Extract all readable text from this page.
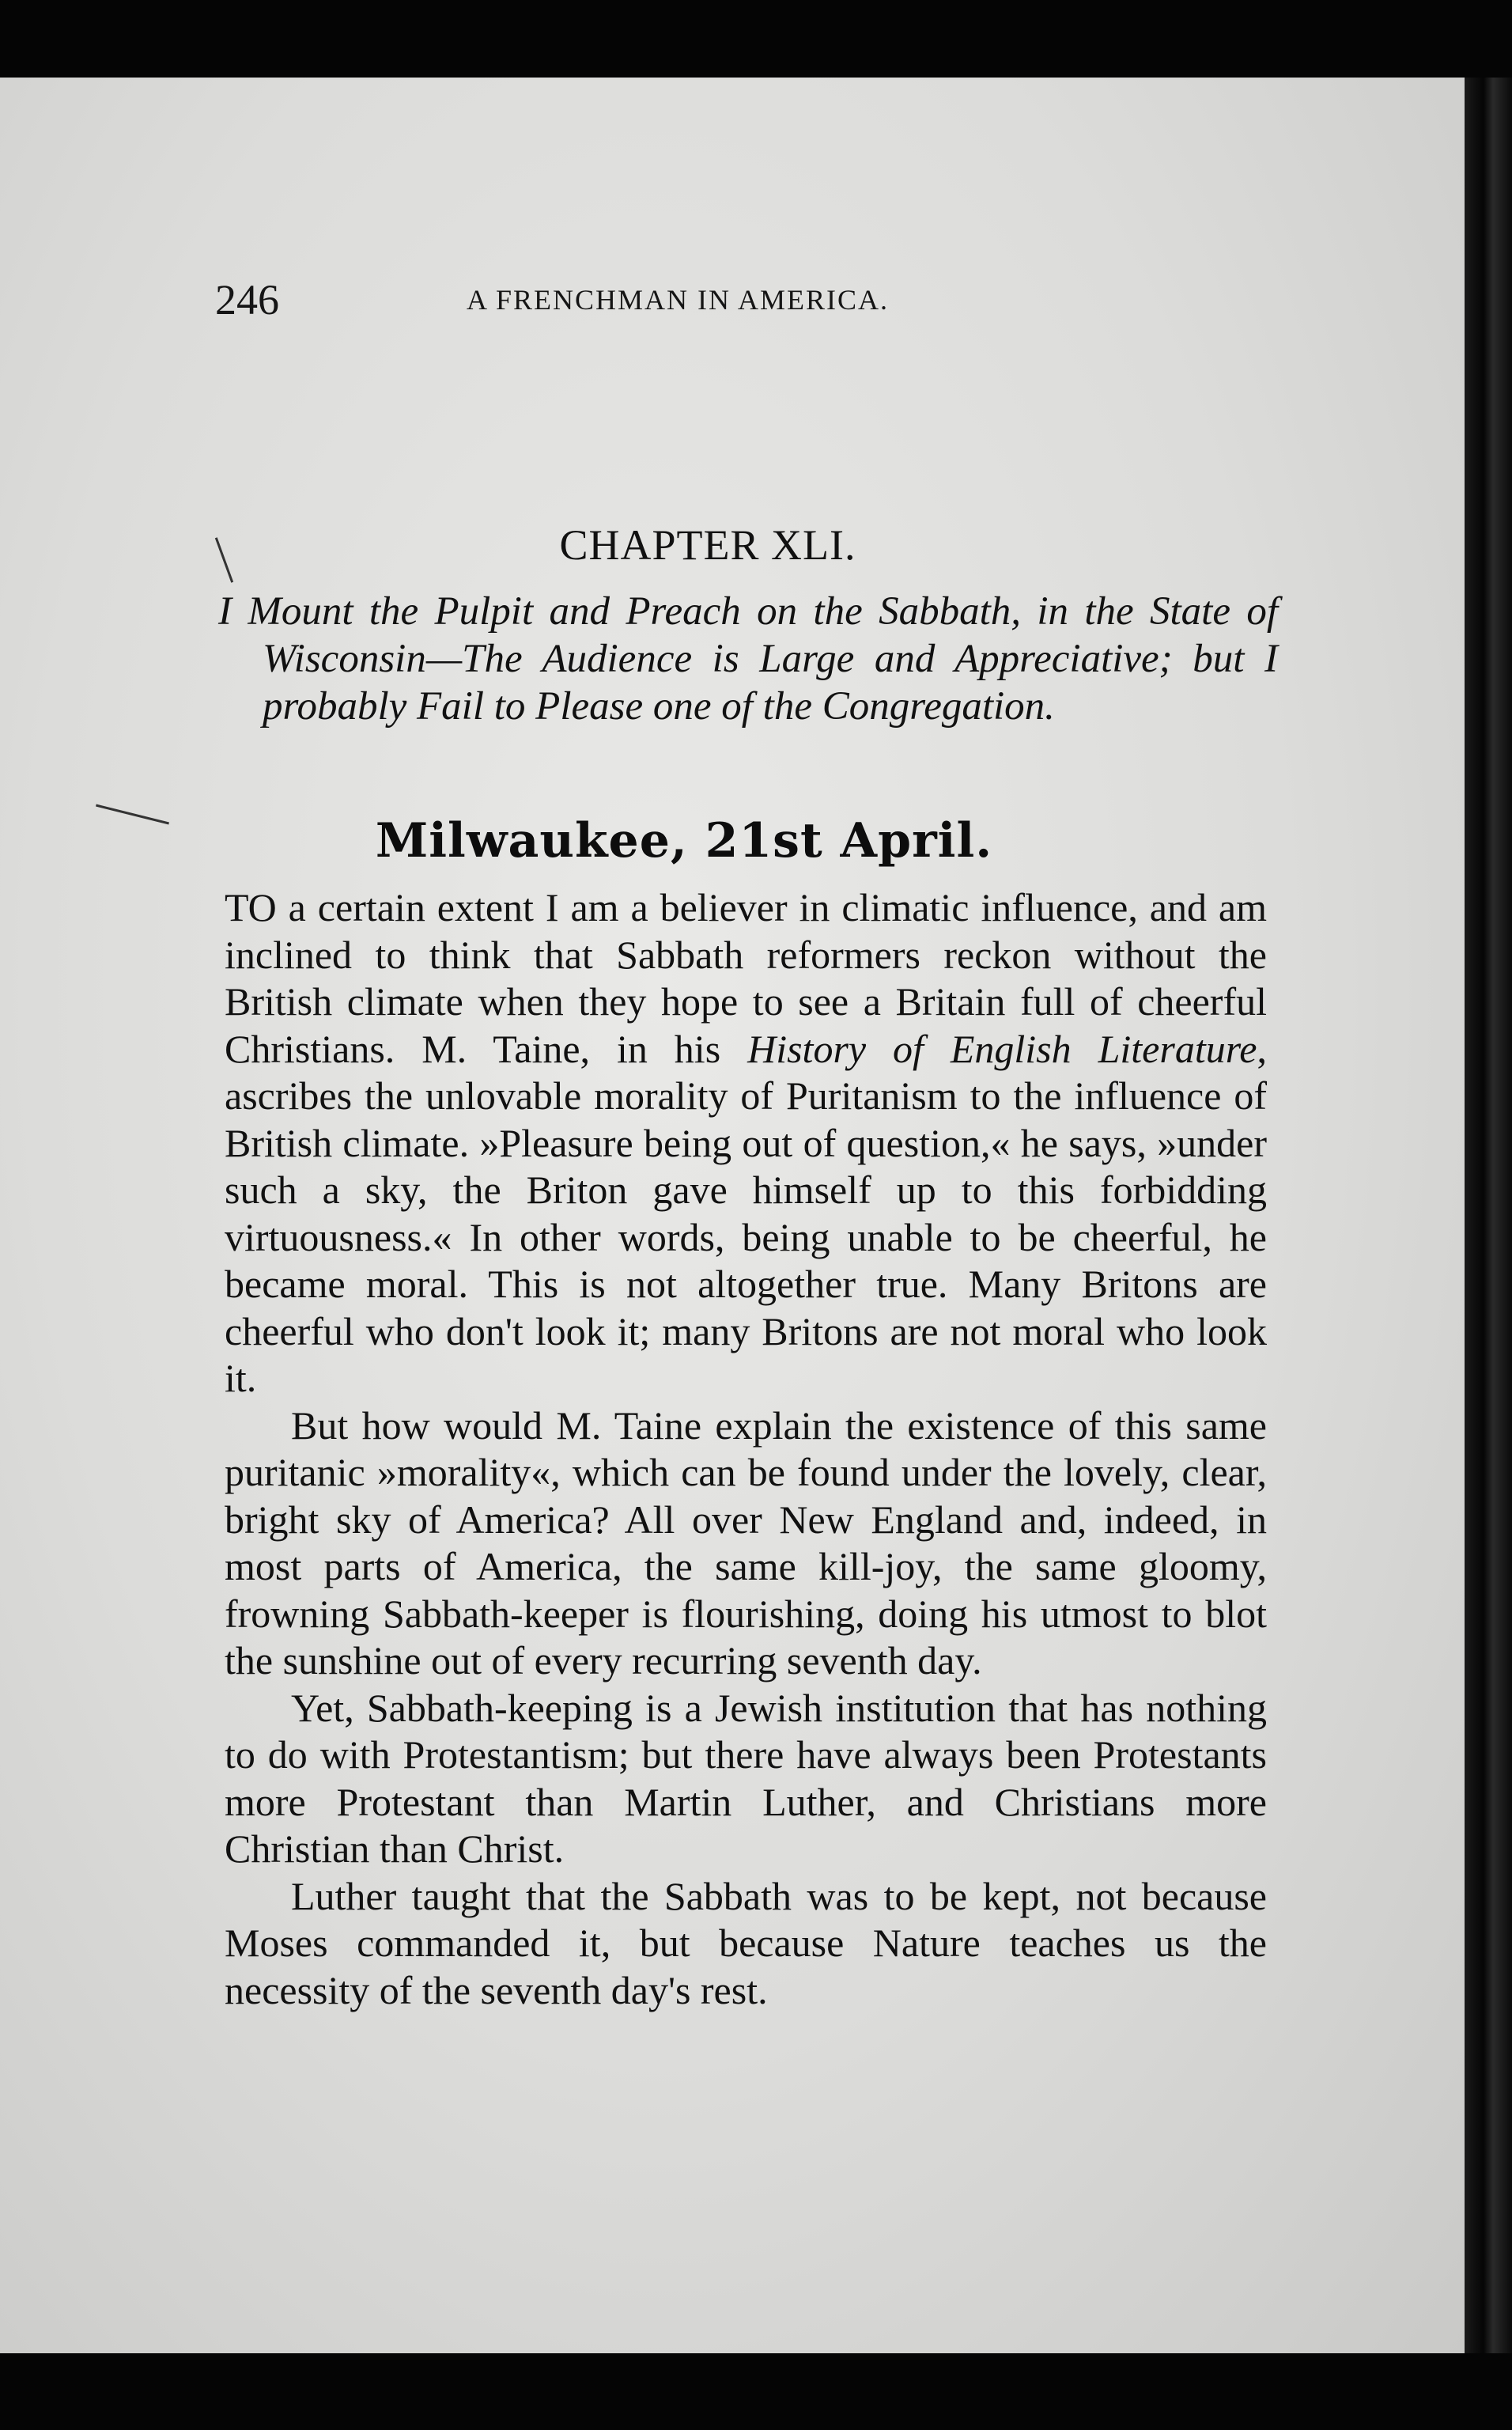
246	A FRENCHMAN IN AMERICA.
CHAPTER XLI.
I Mount the Pulpit and Preach on the Sabbath, in the State of Wisconsin—The Audience is Large and Appreciative; but I probably Fail to Please one of the Congregation.
Milwaukee, 21st April.

TO a certain extent I am a believer in climatic influence, and am inclined to think that Sabbath reformers reckon without the British climate when they hope to see a Britain full of cheerful Christians. M. Taine, in his History of English Literature, ascribes the unlovable morality of Puritanism to the influence of British climate. »Pleasure being out of question,« he says, »under such a sky, the Briton gave himself up to this forbidding virtuousness.« In other words, being unable to be cheerful, he became moral. This is not altogether true. Many Britons are cheerful who don't look it; many Britons are not moral who look it.

But how would M. Taine explain the existence of this same puritanic »morality«, which can be found under the lovely, clear, bright sky of America? All over New England and, indeed, in most parts of America, the same kill-joy, the same gloomy, frowning Sabbath-keeper is flourishing, doing his utmost to blot the sunshine out of every recurring seventh day.

Yet, Sabbath-keeping is a Jewish institution that has nothing to do with Protestantism; but there have always been Protestants more Protestant than Martin Luther, and Christians more Christian than Christ.

Luther taught that the Sabbath was to be kept, not because Moses commanded it, but because Nature teaches us the necessity of the seventh day's rest.
